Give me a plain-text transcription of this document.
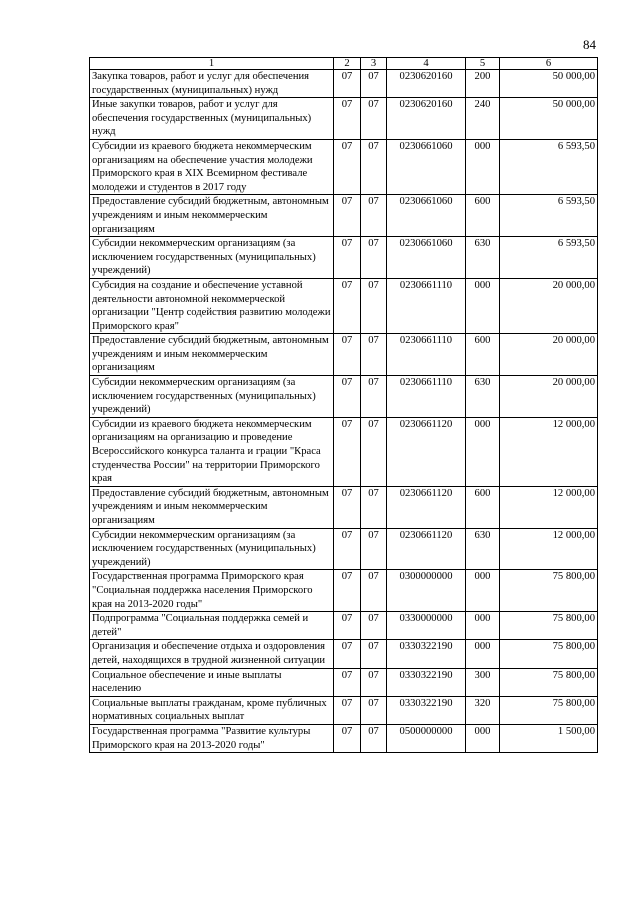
84
1	2	3	4	5	6
Закупка товаров, работ и услуг для обеспечения государственных (муниципальных) нужд	07	07	0230620160	200	50 000,00
Иные закупки товаров, работ и услуг для обеспечения государственных (муниципальных) нужд	07	07	0230620160	240	50 000,00
Субсидии из краевого бюджета некоммерческим организациям на обеспечение участия молодежи Приморского края в XIX Всемирном фестивале молодежи и студентов в 2017 году	07	07	0230661060	000	6 593,50
Предоставление субсидий бюджетным, автономным учреждениям и иным некоммерческим организациям	07	07	0230661060	600	6 593,50
Субсидии некоммерческим организациям (за исключением государственных (муниципальных) учреждений)	07	07	0230661060	630	6 593,50
Субсидия на создание и обеспечение уставной деятельности автономной некоммерческой организации "Центр содействия развитию молодежи Приморского края"	07	07	0230661110	000	20 000,00
Предоставление субсидий бюджетным, автономным учреждениям и иным некоммерческим организациям	07	07	0230661110	600	20 000,00
Субсидии некоммерческим организациям (за исключением государственных (муниципальных) учреждений)	07	07	0230661110	630	20 000,00
Субсидии из краевого бюджета некоммерческим организациям на организацию и проведение Всероссийского конкурса таланта и грации "Краса студенчества России" на территории Приморского края	07	07	0230661120	000	12 000,00
Предоставление субсидий бюджетным, автономным учреждениям и иным некоммерческим организациям	07	07	0230661120	600	12 000,00
Субсидии некоммерческим организациям (за исключением государственных (муниципальных) учреждений)	07	07	0230661120	630	12 000,00
Государственная программа Приморского края "Социальная поддержка населения Приморского края на 2013-2020 годы"	07	07	0300000000	000	75 800,00
Подпрограмма "Социальная поддержка семей и детей"	07	07	0330000000	000	75 800,00
Организация и обеспечение отдыха и оздоровления детей, находящихся в трудной жизненной ситуации	07	07	0330322190	000	75 800,00
Социальное обеспечение и иные выплаты населению	07	07	0330322190	300	75 800,00
Социальные выплаты гражданам, кроме публичных нормативных социальных выплат	07	07	0330322190	320	75 800,00
Государственная программа "Развитие культуры Приморского края на 2013-2020 годы"	07	07	0500000000	000	1 500,00
